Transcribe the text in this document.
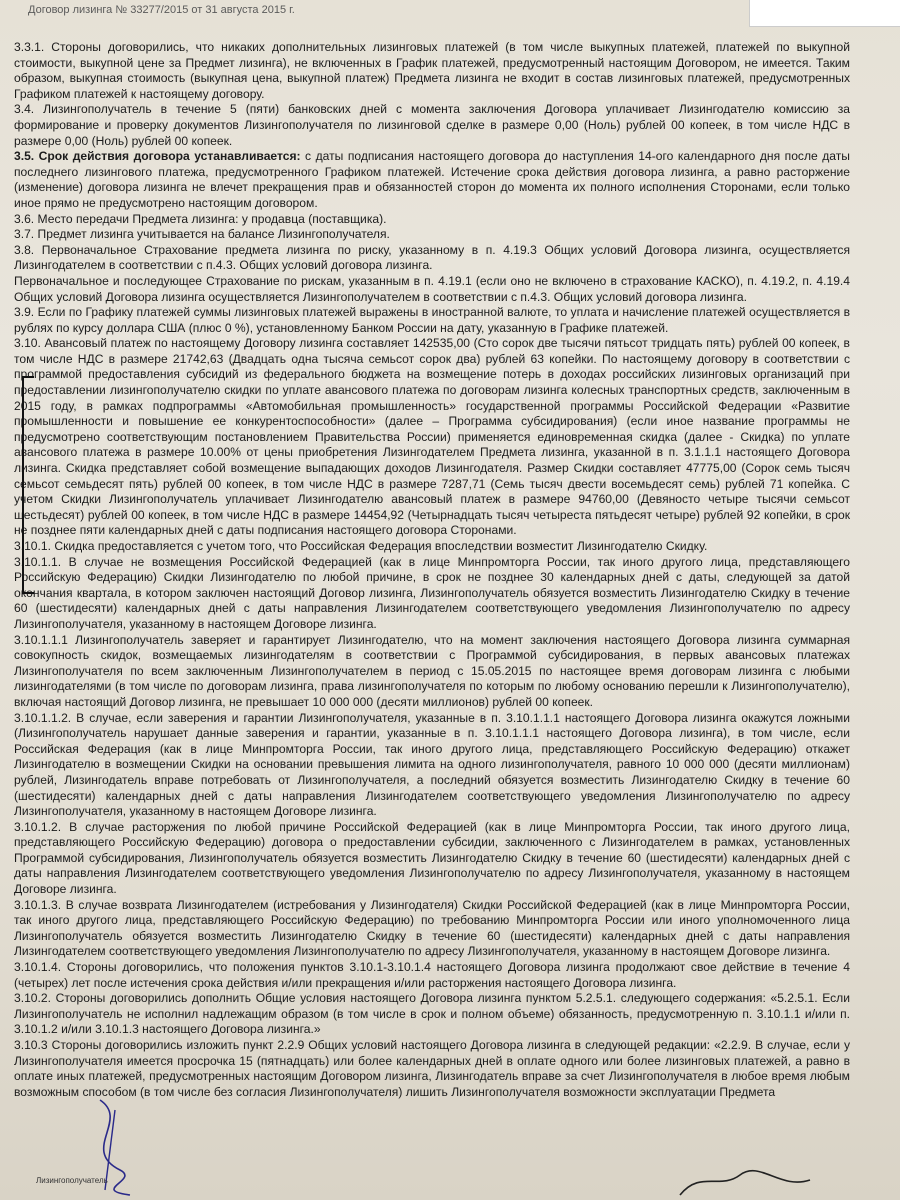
Договор лизинга № 33277/2015 от 31 августа 2015 г.

3.3.1. Стороны договорились, что никаких дополнительных лизинговых платежей (в том числе выкупных платежей, платежей по выкупной стоимости, выкупной цене за Предмет лизинга), не включенных в График платежей, предусмотренный настоящим Договором, не имеется. Таким образом, выкупная стоимость (выкупная цена, выкупной платеж) Предмета лизинга не входит в состав лизинговых платежей, предусмотренных Графиком платежей к настоящему договору.

3.4. Лизингополучатель в течение 5 (пяти) банковских дней с момента заключения Договора уплачивает Лизингодателю комиссию за формирование и проверку документов Лизингополучателя по лизинговой сделке в размере 0,00 (Ноль) рублей 00 копеек, в том числе НДС в размере 0,00 (Ноль) рублей 00 копеек.

3.5. Срок действия договора устанавливается: с даты подписания настоящего договора до наступления 14-ого календарного дня после даты последнего лизингового платежа, предусмотренного Графиком платежей. Истечение срока действия договора лизинга, а равно расторжение (изменение) договора лизинга не влечет прекращения прав и обязанностей сторон до момента их полного исполнения Сторонами, если только иное прямо не предусмотрено настоящим договором.

3.6. Место передачи Предмета лизинга: у продавца (поставщика).

3.7. Предмет лизинга учитывается на балансе Лизингополучателя.

3.8. Первоначальное Страхование предмета лизинга по риску, указанному в п. 4.19.3 Общих условий Договора лизинга, осуществляется Лизингодателем в соответствии с п.4.3. Общих условий договора лизинга.

Первоначальное и последующее Страхование по рискам, указанным в п. 4.19.1 (если оно не включено в страхование КАСКО), п. 4.19.2, п. 4.19.4 Общих условий Договора лизинга осуществляется Лизингополучателем в соответствии с п.4.3. Общих условий договора лизинга.

3.9. Если по Графику платежей суммы лизинговых платежей выражены в иностранной валюте, то уплата и начисление платежей осуществляется в рублях по курсу доллара США (плюс 0 %), установленному Банком России на дату, указанную в Графике платежей.

3.10. Авансовый платеж по настоящему Договору лизинга составляет 142535,00 (Сто сорок две тысячи пятьсот тридцать пять) рублей 00 копеек, в том числе НДС в размере 21742,63 (Двадцать одна тысяча семьсот сорок два) рублей 63 копейки. По настоящему договору в соответствии с программой предоставления субсидий из федерального бюджета на возмещение потерь в доходах российских лизинговых организаций при предоставлении лизингополучателю скидки по уплате авансового платежа по договорам лизинга колесных транспортных средств, заключенным в 2015 году, в рамках подпрограммы «Автомобильная промышленность» государственной программы Российской Федерации «Развитие промышленности и повышение ее конкурентоспособности» (далее – Программа субсидирования) (если иное название программы не предусмотрено соответствующим постановлением Правительства России) применяется единовременная скидка (далее - Скидка) по уплате авансового платежа в размере 10.00% от цены приобретения Лизингодателем Предмета лизинга, указанной в п. 3.1.1.1 настоящего Договора лизинга. Скидка представляет собой возмещение выпадающих доходов Лизингодателя. Размер Скидки составляет 47775,00 (Сорок семь тысяч семьсот семьдесят пять) рублей 00 копеек, в том числе НДС в размере 7287,71 (Семь тысяч двести восемьдесят семь) рублей 71 копейка. С учетом Скидки Лизингополучатель уплачивает Лизингодателю авансовый платеж в размере 94760,00 (Девяносто четыре тысячи семьсот шестьдесят) рублей 00 копеек, в том числе НДС в размере 14454,92 (Четырнадцать тысяч четыреста пятьдесят четыре) рублей 92 копейки, в срок не позднее пяти календарных дней с даты подписания настоящего договора Сторонами.

3.10.1. Скидка предоставляется с учетом того, что Российская Федерация впоследствии возместит Лизингодателю Скидку.

3.10.1.1. В случае не возмещения Российской Федерацией (как в лице Минпромторга России, так иного другого лица, представляющего Российскую Федерацию) Скидки Лизингодателю по любой причине, в срок не позднее 30 календарных дней с даты, следующей за датой окончания квартала, в котором заключен настоящий Договор лизинга, Лизингополучатель обязуется возместить Лизингодателю Скидку в течение 60 (шестидесяти) календарных дней с даты направления Лизингодателем соответствующего уведомления Лизингополучателю по адресу Лизингополучателя, указанному в настоящем Договоре лизинга.

3.10.1.1.1 Лизингополучатель заверяет и гарантирует Лизингодателю, что на момент заключения настоящего Договора лизинга суммарная совокупность скидок, возмещаемых лизингодателям в соответствии с Программой субсидирования, в первых авансовых платежах Лизингополучателя по всем заключенным Лизингополучателем в период с 15.05.2015 по настоящее время договорам лизинга с любыми лизингодателями (в том числе по договорам лизинга, права лизингополучателя по которым по любому основанию перешли к Лизингополучателю), включая настоящий Договор лизинга, не превышает 10 000 000 (десяти миллионов) рублей 00 копеек.

3.10.1.1.2. В случае, если заверения и гарантии Лизингополучателя, указанные в п. 3.10.1.1.1 настоящего Договора лизинга окажутся ложными (Лизингополучатель нарушает данные заверения и гарантии, указанные в п. 3.10.1.1.1 настоящего Договора лизинга), в том числе, если Российская Федерация (как в лице Минпромторга России, так иного другого лица, представляющего Российскую Федерацию) откажет Лизингодателю в возмещении Скидки на основании превышения лимита на одного лизингополучателя, равного 10 000 000 (десяти миллионам) рублей, Лизингодатель вправе потребовать от Лизингополучателя, а последний обязуется возместить Лизингодателю Скидку в течение 60 (шестидесяти) календарных дней с даты направления Лизингодателем соответствующего уведомления Лизингополучателю по адресу Лизингополучателя, указанному в настоящем Договоре лизинга.

3.10.1.2. В случае расторжения по любой причине Российской Федерацией (как в лице Минпромторга России, так иного другого лица, представляющего Российскую Федерацию) договора о предоставлении субсидии, заключенного с Лизингодателем в рамках, установленных Программой субсидирования, Лизингополучатель обязуется возместить Лизингодателю Скидку в течение 60 (шестидесяти) календарных дней с даты направления Лизингодателем соответствующего уведомления Лизингополучателю по адресу Лизингополучателя, указанному в настоящем Договоре лизинга.

3.10.1.3. В случае возврата Лизингодателем (истребования у Лизингодателя) Скидки Российской Федерацией (как в лице Минпромторга России, так иного другого лица, представляющего Российскую Федерацию) по требованию Минпромторга России или иного уполномоченного лица Лизингополучатель обязуется возместить Лизингодателю Скидку в течение 60 (шестидесяти) календарных дней с даты направления Лизингодателем соответствующего уведомления Лизингополучателю по адресу Лизингополучателя, указанному в настоящем Договоре лизинга.

3.10.1.4. Стороны договорились, что положения пунктов 3.10.1-3.10.1.4 настоящего Договора лизинга продолжают свое действие в течение 4 (четырех) лет после истечения срока действия и/или прекращения и/или расторжения настоящего Договора лизинга.

3.10.2. Стороны договорились дополнить Общие условия настоящего Договора лизинга пунктом 5.2.5.1. следующего содержания: «5.2.5.1. Если Лизингополучатель не исполнил надлежащим образом (в том числе в срок и полном объеме) обязанность, предусмотренную п. 3.10.1.1 и/или п. 3.10.1.2 и/или 3.10.1.3 настоящего Договора лизинга.»

3.10.3 Стороны договорились изложить пункт 2.2.9 Общих условий настоящего Договора лизинга в следующей редакции: «2.2.9. В случае, если у Лизингополучателя имеется просрочка 15 (пятнадцать) или более календарных дней в оплате одного или более лизинговых платежей, а равно в оплате иных платежей, предусмотренных настоящим Договором лизинга, Лизингодатель вправе за счет Лизингополучателя в любое время любым возможным способом (в том числе без согласия Лизингополучателя) лишить Лизингополучателя возможности эксплуатации Предмета

Лизингополучатель
